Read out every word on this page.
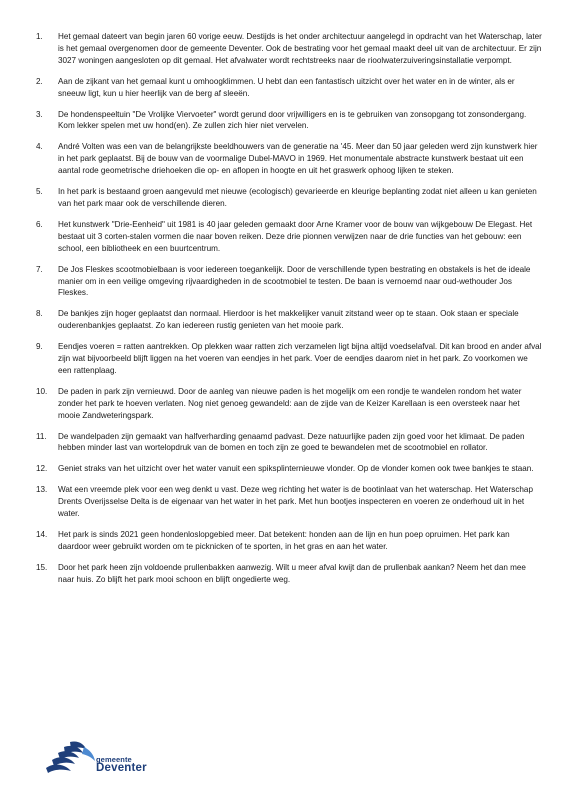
1.	Het gemaal dateert van begin jaren 60 vorige eeuw. Destijds is het onder architectuur aangelegd in opdracht van het Waterschap, later is het gemaal overgenomen door de gemeente Deventer. Ook de bestrating voor het gemaal maakt deel uit van de architectuur. Er zijn 3027 woningen aangesloten op dit gemaal. Het afvalwater wordt rechtstreeks naar de rioolwaterzuiveringsinstallatie verpompt.
2.	Aan de zijkant van het gemaal kunt u omhoogklimmen. U hebt dan een fantastisch uitzicht over het water en in de winter, als er sneeuw ligt, kun u hier heerlijk van de berg af sleeën.
3.	De hondenspeeltuin "De Vrolijke Viervoeter" wordt gerund door vrijwilligers en is te gebruiken van zonsopgang tot zonsondergang. Kom lekker spelen met uw hond(en). Ze zullen zich hier niet vervelen.
4.	André Volten was een van de belangrijkste beeldhouwers van de generatie na '45. Meer dan 50 jaar geleden werd zijn kunstwerk hier in het park geplaatst. Bij de bouw van de voormalige Dubel-MAVO in 1969. Het monumentale abstracte kunstwerk bestaat uit een aantal rode geometrische driehoeken die op- en aflopen in hoogte en uit het graswerk ophoog lijken te steken.
5.	In het park is bestaand groen aangevuld met nieuwe (ecologisch) gevarieerde en kleurige beplanting zodat niet alleen u kan genieten van het park maar ook de verschillende dieren.
6.	Het kunstwerk "Drie-Eenheid" uit 1981 is 40 jaar geleden gemaakt door Arne Kramer voor de bouw van wijkgebouw De Elegast. Het bestaat uit 3 corten-stalen vormen die naar boven reiken. Deze drie pionnen verwijzen naar de drie functies van het gebouw: een school, een bibliotheek en een buurtcentrum.
7.	De Jos Fleskes scootmobielbaan is voor iedereen toegankelijk. Door de verschillende typen bestrating en obstakels is het de ideale manier om in een veilige omgeving rijvaardigheden in de scootmobiel te testen. De baan is vernoemd naar oud-wethouder Jos Fleskes.
8.	De bankjes zijn hoger geplaatst dan normaal. Hierdoor is het makkelijker vanuit zitstand weer op te staan. Ook staan er speciale ouderenbankjes geplaatst. Zo kan iedereen rustig genieten van het mooie park.
9.	Eendjes voeren = ratten aantrekken. Op plekken waar ratten zich verzamelen ligt bijna altijd voedselafval. Dit kan brood en ander afval zijn wat bijvoorbeeld blijft liggen na het voeren van eendjes in het park. Voer de eendjes daarom niet in het park. Zo voorkomen we een rattenplaag.
10.	De paden in park zijn vernieuwd. Door de aanleg van nieuwe paden is het mogelijk om een rondje te wandelen rondom het water zonder het park te hoeven verlaten. Nog niet genoeg gewandeld: aan de zijde van de Keizer Karellaan is een oversteek naar het mooie Zandweteringspark.
11.	De wandelpaden zijn gemaakt van halfverharding genaamd padvast. Deze natuurlijke paden zijn goed voor het klimaat. De paden hebben minder last van wortelopdruk van de bomen en toch zijn ze goed te bewandelen met de scootmobiel en rollator.
12.	Geniet straks van het uitzicht over het water vanuit een spiksplinternieuwe vlonder. Op de vlonder komen ook twee bankjes te staan.
13.	Wat een vreemde plek voor een weg denkt u vast. Deze weg richting het water is de bootinlaat van het waterschap. Het Waterschap Drents Overijsselse Delta is de eigenaar van het water in het park. Met hun bootjes inspecteren en voeren ze onderhoud uit in het water.
14.	Het park is sinds 2021 geen hondenloslopgebied meer. Dat betekent: honden aan de lijn en hun poep opruimen. Het park kan daardoor weer gebruikt worden om te picknicken of te sporten, in het gras en aan het water.
15.	Door het park heen zijn voldoende prullenbakken aanwezig. Wilt u meer afval kwijt dan de prullenbak aankan? Neem het dan mee naar huis. Zo blijft het park mooi schoon en blijft ongedierte weg.
gemeente
Deventer
